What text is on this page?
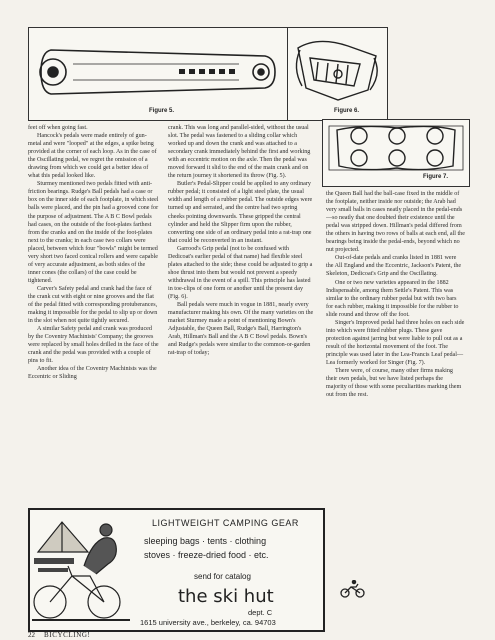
Figure 5.	Figure 6.
Figure 7.

feet off when going fast.

Hancock's pedals were made entirely of gun-metal and were "looped" at the edges, a spike being provided at the corner of each loop. As in the case of the Oscillating pedal, we regret the omission of a drawing from which we could get a better idea of what this pedal looked like.

Sturmey mentioned two pedals fitted with anti-friction bearings. Rudge's Ball pedals had a case or box on the inner side of each footplate, in which steel balls were placed, and the pin had a grooved cone for the purpose of adjustment. The A B C Bowl pedals had cases, on the outside of the foot-plates farthest from the cranks and on the inside of the foot-plates next to the cranks; in each case two collars were placed, between which four "bowls" might be termed very short two faced conical rollers and were capable of very accurate adjustment, as both sides of the inner cones (the collars) of the case could be tightened.

Carver's Safety pedal and crank had the face of the crank cut with eight or nine grooves and the flat of the pedal fitted with corresponding protuberances, making it impossible for the pedal to slip up or down in the slot when not quite tightly secured.

A similar Safety pedal and crank was produced by the Coventry Machinists' Company; the grooves were replaced by small holes drilled in the face of the crank and the pedal was provided with a couple of pins to fit.

Another idea of the Coventry Machinists was the Eccentric or Sliding

crank. This was long and parallel-sided, without the usual slot. The pedal was fastened to a sliding collar which worked up and down the crank and was attached to a secondary crank immediately behind the first and working with an eccentric motion on the axle. Then the pedal was moved forward it slid to the end of the main crank and on the return journey it shortened its throw (Fig. 5).

Butler's Pedal-Slipper could be applied to any ordinary rubber pedal; it consisted of a light steel plate, the usual width and length of a rubber pedal. The outside edges were turned up and serrated, and the centre had two spring cheeks pointing downwards. These gripped the central cylinder and held the Slipper firm upon the rubber, converting one side of an ordinary pedal into a rat-trap one that could be reconverted in an instant.

Garrood's Grip pedal (not to be confused with Dedicoat's earlier pedal of that name) had flexible steel plates attached to the side; these could be adjusted to grip a shoe thrust into them but would not prevent a speedy withdrawal in the event of a spill. This principle has lasted in toe-clips of one form or another until the present day (Fig. 6).

Ball pedals were much in vogue in 1881, nearly every manufacturer making his own. Of the many varieties on the market Sturmey made a point of mentioning Bown's Adjustable, the Queen Ball, Rudge's Ball, Harrington's Arab, Hillman's Ball and the A B C Bowl pedals. Bown's and Rudge's pedals were similar to the common-or-garden rat-trap of today;

the Queen Ball had the ball-case fixed in the middle of the footplate, neither inside nor outside; the Arab had very small balls in cases neatly placed in the pedal-ends—so neatly that one doubted their existence until the pedal was stripped down. Hillman's pedal differed from the others in having two rows of balls at each end, all the bearings being inside the pedal-ends, beyond which no nut projected.

Out-of-date pedals and cranks listed in 1881 were the All England and the Eccentric, Jackson's Patent, the Skeleton, Dedicoat's Grip and the Oscillating.

One or two new varieties appeared in the 1882 Indispensable, among them Settle's Patent. This was similar to the ordinary rubber pedal but with two bars for each rubber, making it impossible for the rubber to slide round and throw off the foot.

Singer's Improved pedal had three holes on each side into which were fitted rubber plugs. These gave protection against jarring but were liable to pull out as a result of the horizontal movement of the foot. The principle was used later in the Lea-Francis Leaf pedal—Lea formerly worked for Singer (Fig. 7).

There were, of course, many other firms making their own pedals, but we have listed perhaps the majority of those with some peculiarities marking them out from the rest.

LIGHTWEIGHT CAMPING GEAR
sleeping bags · tents · clothing
stoves · freeze-dried food · etc.
send for catalog
the ski hut
dept. C
1615 university ave., berkeley, ca. 94703
22 BICYCLING!
